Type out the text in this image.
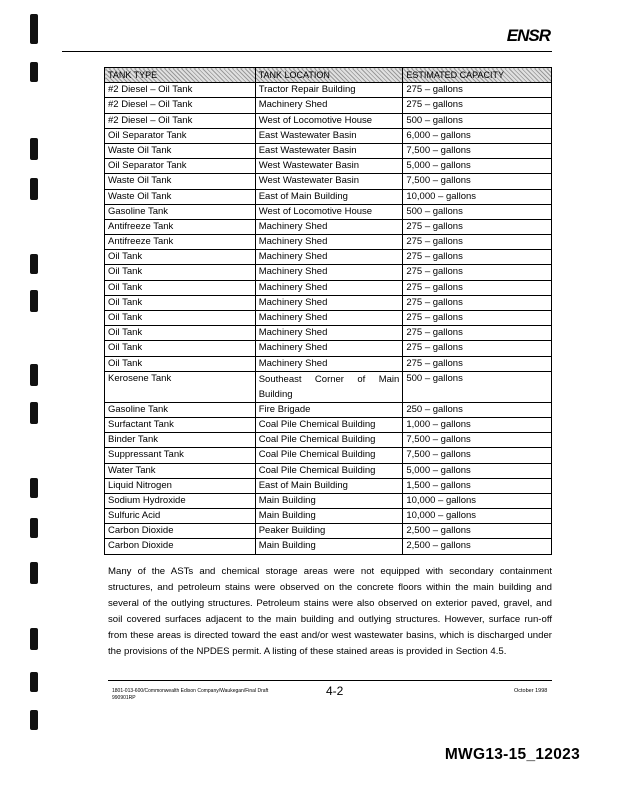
ENSR
TANK TYPE	TANK LOCATION	ESTIMATED CAPACITY
#2 Diesel – Oil Tank	Tractor Repair Building	275 – gallons
#2 Diesel – Oil Tank	Machinery Shed	275 – gallons
#2 Diesel – Oil Tank	West of Locomotive House	500 – gallons
Oil Separator Tank	East Wastewater Basin	6,000 – gallons
Waste Oil Tank	East Wastewater Basin	7,500 – gallons
Oil Separator Tank	West Wastewater Basin	5,000 – gallons
Waste Oil Tank	West Wastewater Basin	7,500 – gallons
Waste Oil Tank	East of Main Building	10,000 – gallons
Gasoline Tank	West of Locomotive House	500 – gallons
Antifreeze Tank	Machinery Shed	275 – gallons
Antifreeze Tank	Machinery Shed	275 – gallons
Oil Tank	Machinery Shed	275 – gallons
Oil Tank	Machinery Shed	275 – gallons
Oil Tank	Machinery Shed	275 – gallons
Oil Tank	Machinery Shed	275 – gallons
Oil Tank	Machinery Shed	275 – gallons
Oil Tank	Machinery Shed	275 – gallons
Oil Tank	Machinery Shed	275 – gallons
Oil Tank	Machinery Shed	275 – gallons
Kerosene Tank	Southeast Corner of Main Building	500 – gallons
Gasoline Tank	Fire Brigade	250 – gallons
Surfactant Tank	Coal Pile Chemical Building	1,000 – gallons
Binder Tank	Coal Pile Chemical Building	7,500 – gallons
Suppressant Tank	Coal Pile Chemical Building	7,500 – gallons
Water Tank	Coal Pile Chemical Building	5,000 – gallons
Liquid Nitrogen	East of Main Building	1,500 – gallons
Sodium Hydroxide	Main Building	10,000 – gallons
Sulfuric Acid	Main Building	10,000 – gallons
Carbon Dioxide	Peaker Building	2,500 – gallons
Carbon Dioxide	Main Building	2,500 – gallons
Many of the ASTs and chemical storage areas were not equipped with secondary containment structures, and petroleum stains were observed on the concrete floors within the main building and several of the outlying structures. Petroleum stains were also observed on exterior paved, gravel, and soil covered surfaces adjacent to the main building and outlying structures. However, surface run-off from these areas is directed toward the east and/or west wastewater basins, which is discharged under the provisions of the NPDES permit. A listing of these stained areas is provided in Section 4.5.
1801-013-600/Commonwealth Edison Company/Waukegan/Final Draft
990901RP	4-2	October 1998
MWG13-15_12023
